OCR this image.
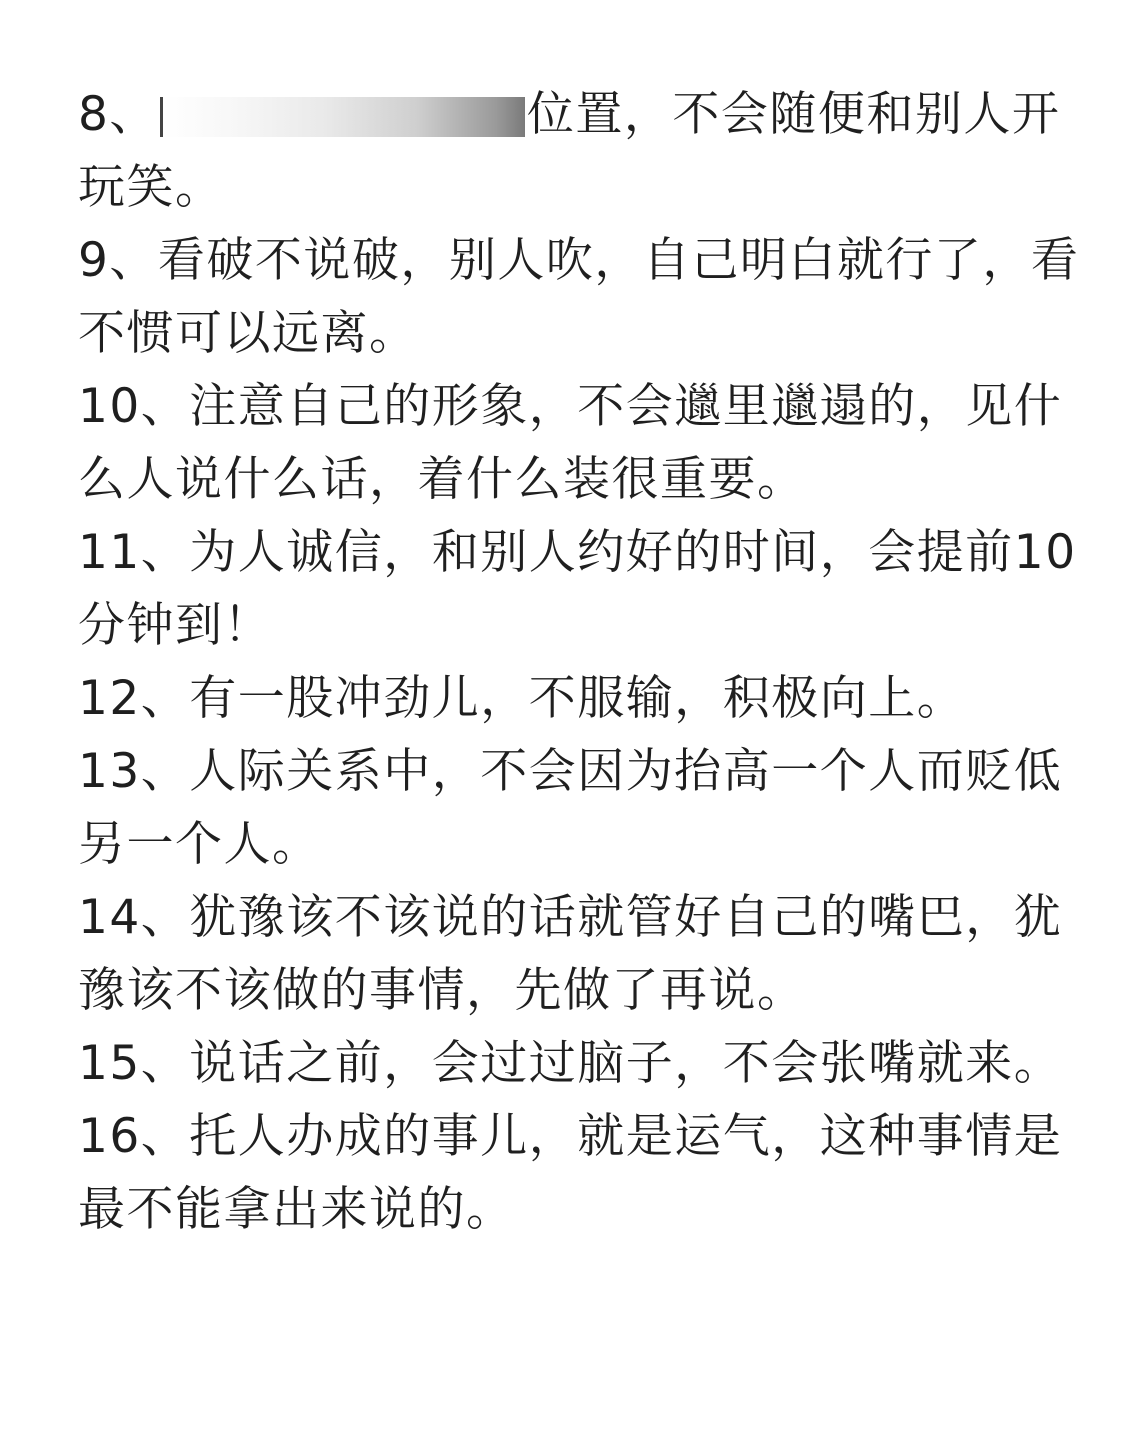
8、	位置，不会随便和别人开玩笑。

9、看破不说破，别人吹，自己明白就行了，看不惯可以远离。

10、注意自己的形象，不会邋里邋遢的，见什么人说什么话，着什么装很重要。

11、为人诚信，和别人约好的时间，会提前10分钟到！

12、有一股冲劲儿，不服输，积极向上。

13、人际关系中，不会因为抬高一个人而贬低另一个人。

14、犹豫该不该说的话就管好自己的嘴巴，犹豫该不该做的事情，先做了再说。

15、说话之前，会过过脑子，不会张嘴就来。

16、托人办成的事儿，就是运气，这种事情是最不能拿出来说的。
